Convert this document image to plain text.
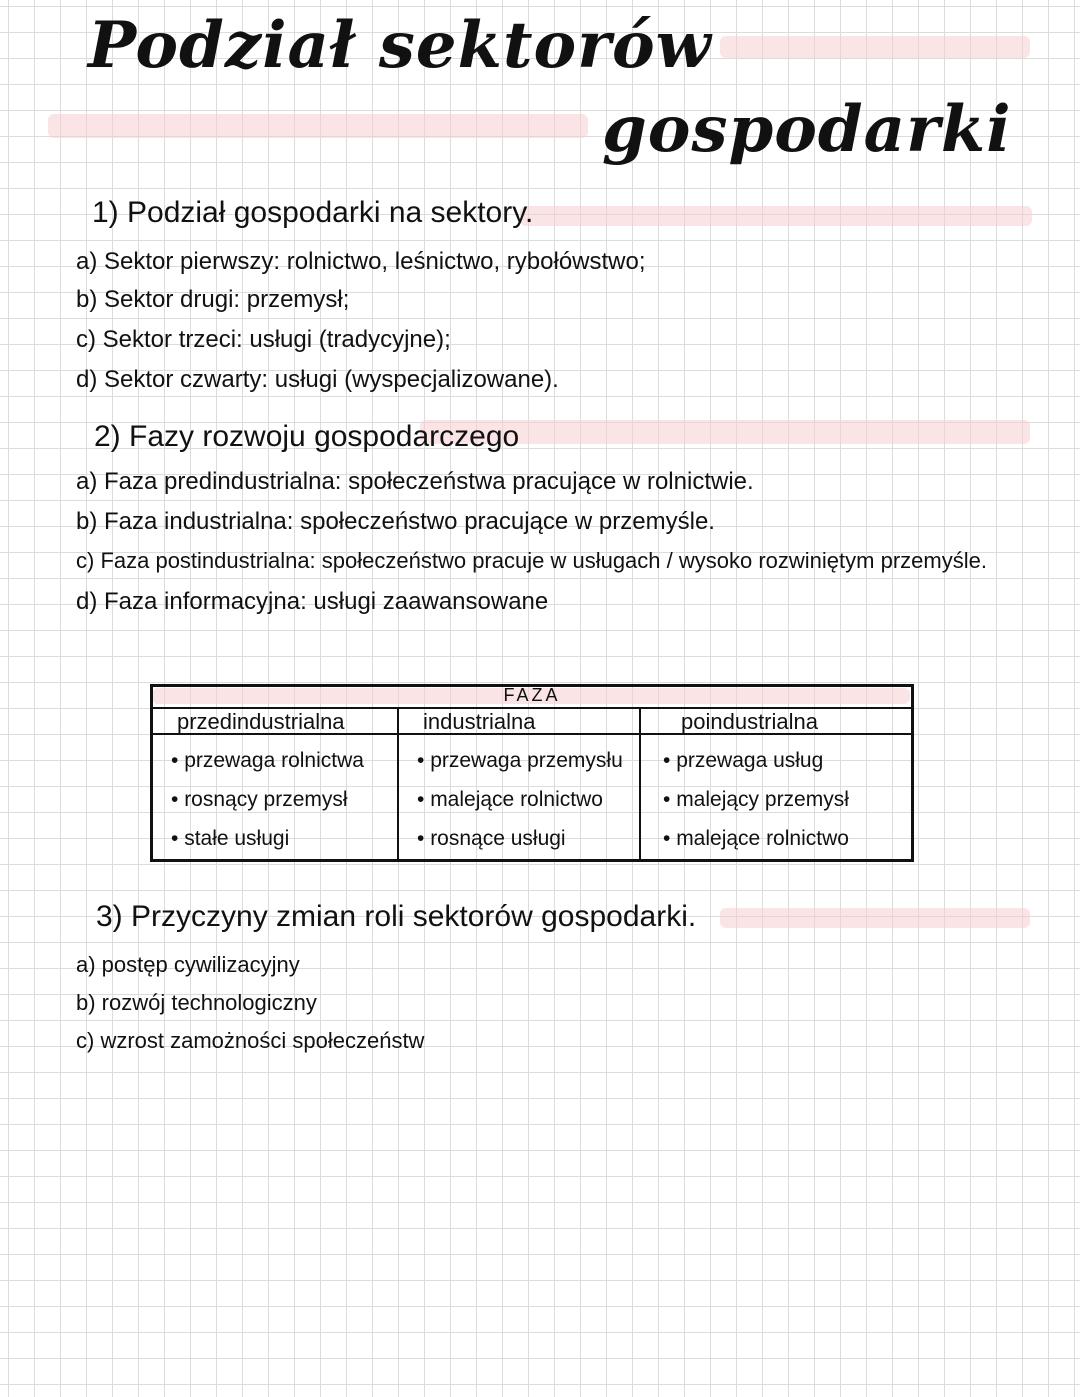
Podział sektorów
gospodarki
1) Podział gospodarki na sektory.
a) Sektor pierwszy: rolnictwo, leśnictwo, rybołówstwo;
b) Sektor drugi: przemysł;
c) Sektor trzeci: usługi (tradycyjne);
d) Sektor czwarty: usługi (wyspecjalizowane).
2) Fazy rozwoju gospodarczego
a) Faza predindustrialna: społeczeństwa pracujące w rolnictwie.
b) Faza industrialna: społeczeństwo pracujące w przemyśle.
c) Faza postindustrialna: społeczeństwo pracuje w usługach / wysoko rozwiniętym przemyśle.
d) Faza informacyjna: usługi zaawansowane
FAZA
przedindustrialna
• przewaga rolnictwa
• rosnący przemysł
• stałe usługi
industrialna
• przewaga przemysłu
• malejące rolnictwo
• rosnące usługi
poindustrialna
• przewaga usług
• malejący przemysł
• malejące rolnictwo
3) Przyczyny zmian roli sektorów gospodarki.
a) postęp cywilizacyjny
b) rozwój technologiczny
c) wzrost zamożności społeczeństw
